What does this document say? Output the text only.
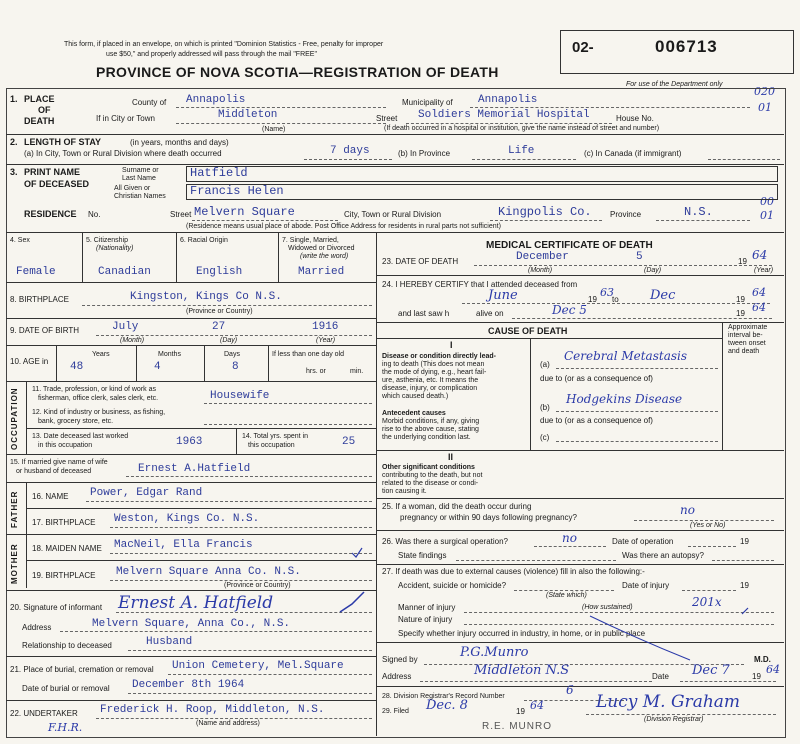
This form, if placed in an envelope, on which is printed "Dominion Statistics - Free, penalty for improper
use $50," and properly addressed will pass through the mail "FREE"
PROVINCE OF NOVA SCOTIA—REGISTRATION OF DEATH
02-	006713
For use of the Department only
020
01
00
01
1. PLACE
OF
DEATH
County of Annapolis	Municipality of Annapolis
If in City or Town	Middleton
(Name)
Street Soldiers Memorial Hospital	House No.
(If death occurred in a hospital or institution, give the name instead of street and number)
2. LENGTH OF STAY	(in years, months and days)
(a) In City, Town or Rural Division where death occurred	7 days	(b) In Province	Life	(c) In Canada (if immigrant)
3. PRINT NAME
OF DECEASED
Surname or
Last Name	Hatfield
All Given or
Christian Names Francis Helen
RESIDENCE No.	Street Melvern Square	City, Town or Rural Division	Kingpolis Co. Province	N.S.
(Residence means usual place of abode. Post Office Address for residents in rural parts not sufficient)
4. Sex	5. Citizenship
(Nationality)
6. Racial Origin	7. Single, Married,
Widowed or Divorced
(write the word)
Female	Canadian	English	Married
8. BIRTHPLACE	Kingston, Kings Co N.S.
(Province or Country)
9. DATE OF BIRTH	July	27	1916
(Month)	(Day)	(Year)
10. AGE in
Years	Months	Days	If less than one day old
48	4	8	hrs. or	min.
OCCUPATION 11. Trade, profession, or kind of work as
fisherman, office clerk, sales clerk, etc.	Housewife
12. Kind of industry or business, as fishing,
bank, grocery store, etc.
13. Date deceased last worked
in this occupation	1963	14. Total yrs. spent in
this occupation	25
15. If married give name of wife
or husband of deceased	Ernest A.Hatfield
FATHER 16. NAME Power, Edgar Rand
17. BIRTHPLACE Weston, Kings Co. N.S.
MOTHER 18. MAIDEN NAME MacNeil, Ella Francis
19. BIRTHPLACE Melvern Square Anna Co. N.S.
(Province or Country)
20. Signature of informant Ernest A. Hatfield
Address	Melvern Square, Anna Co., N.S.
Relationship to deceased	Husband
21. Place of burial, cremation or removal Union Cemetery, Mel.Square
Date of burial or removal December 8th 1964
22. UNDERTAKER Frederick H. Roop, Middleton, N.S.
(Name and address)
F.H.R.
MEDICAL CERTIFICATE OF DEATH
23. DATE OF DEATH	December	5	19 64
(Month)	(Day)	(Year)
24. I HEREBY CERTIFY that I attended deceased from
June	19
63
to Dec	19
64
and last saw h	alive on	Dec 5	19 64
CAUSE OF DEATH	Approximate
interval be-
tween onset
and death
I
Disease or condition directly lead-
ing to death (This does not mean
the mode of dying, e.g., heart fail-
ure, asthenia, etc. It means the
disease, injury, or complication
which caused death.)
(a)
Cerebral Metastasis
due to (or as a consequence of)
Antecedent causes
Morbid conditions, if any, giving
rise to the above cause, stating
the underlying condition last.
(b)
Hodgekins Disease
due to (or as a consequence of)
(c)
II
Other significant conditions
contributing to the death, but not
related to the disease or condi-
tion causing it.
25. If a woman, did the death occur during
pregnancy or within 90 days following pregnancy?
no
(Yes or No)
26. Was there a surgical operation?	no	Date of operation	19
State findings	Was there an autopsy?
27. If death was due to external causes (violence) fill in also the following:-
Accident, suicide or homicide?
(State which)
Date of injury	19
Manner of injury	201x
(How sustained)
Nature of injury
Specify whether injury occurred in industry, in home, or in public place
Signed by	P.G.Munro	M.D.
Address	Middleton N.S	Date Dec 7	19
64
28. Division Registrar's Record Number	6
29. Filed Dec. 8	19 64	Lucy M. Graham
(Division Registrar)
R.E. MUNRO
